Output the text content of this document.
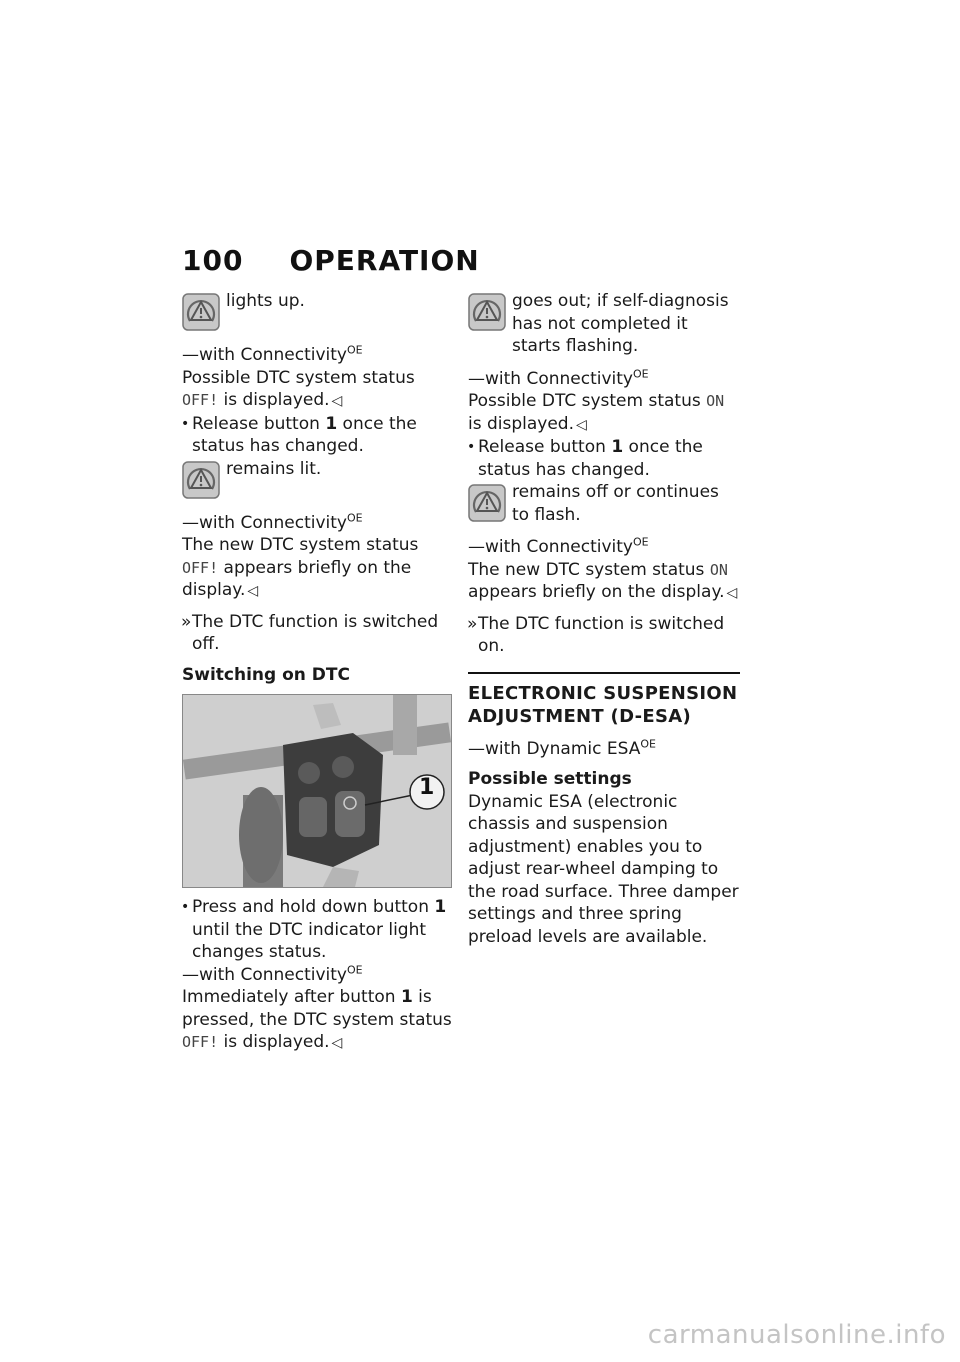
100 OPERATION
lights up.
—with Connectivity$^{OE}$
Possible DTC system status
OFF! is displayed. ◁
• Release button 1 once the status has changed.
remains lit.
—with Connectivity$^{OE}$
The new DTC system status OFF! appears briefly on the display. ◁
» The DTC function is switched off.
Switching on DTC
1
• Press and hold down button 1 until the DTC indicator light changes status.
—with Connectivity$^{OE}$
Immediately after button 1 is pressed, the DTC system status OFF! is displayed. ◁
goes out; if self-diagnosis has not completed it starts flashing.
—with Connectivity$^{OE}$
Possible DTC system status ON
is displayed. ◁
• Release button 1 once the status has changed.
remains off or continues to flash.
—with Connectivity$^{OE}$
The new DTC system status ON appears briefly on the display. ◁
» The DTC function is switched on.
ELECTRONIC SUSPENSION ADJUSTMENT (D-ESA)
—with Dynamic $ESA^{OE}$
Possible settings
Dynamic ESA (electronic chassis and suspension adjustment) enables you to adjust rear-wheel damping to the road surface. Three damper settings and three spring preload levels are available.
carmanualsonline.info
